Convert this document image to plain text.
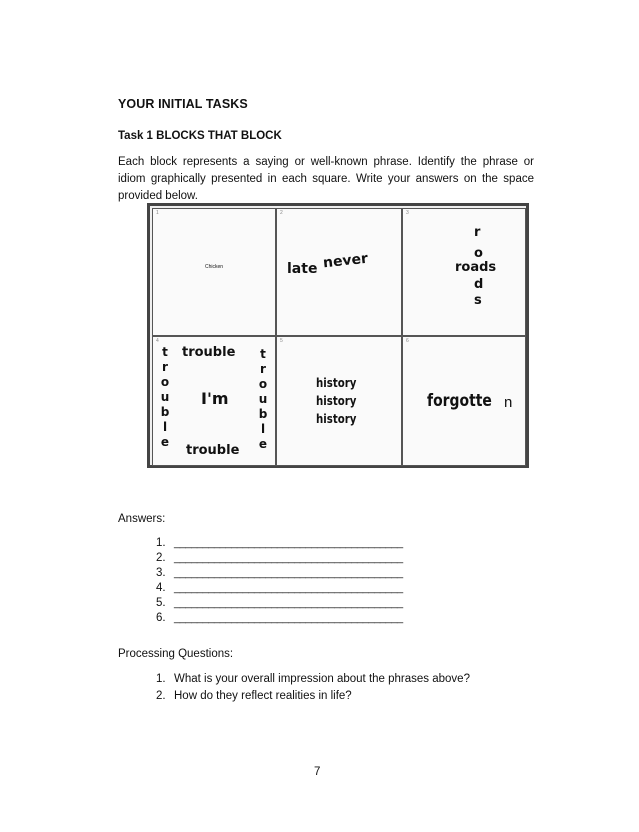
YOUR INITIAL TASKS
Task 1 BLOCKS THAT BLOCK
Each block represents a saying or well-known phrase. Identify the phrase or idiom graphically presented in each square. Write your answers on the space provided below.
1
Chicken
2
late never
3
r
o
roads
d
s
4
trouble
I'm
trouble
t
r
o
u
b
l
e
t
r
o
u
b
l
e
5
history
history
history
6
forgotte n
Answers:
1. ________________________________________
2. ________________________________________
3. ________________________________________
4. ________________________________________
5. ________________________________________
6. ________________________________________
Processing Questions:
1. What is your overall impression about the phrases above?
2. How do they reflect realities in life?
7
